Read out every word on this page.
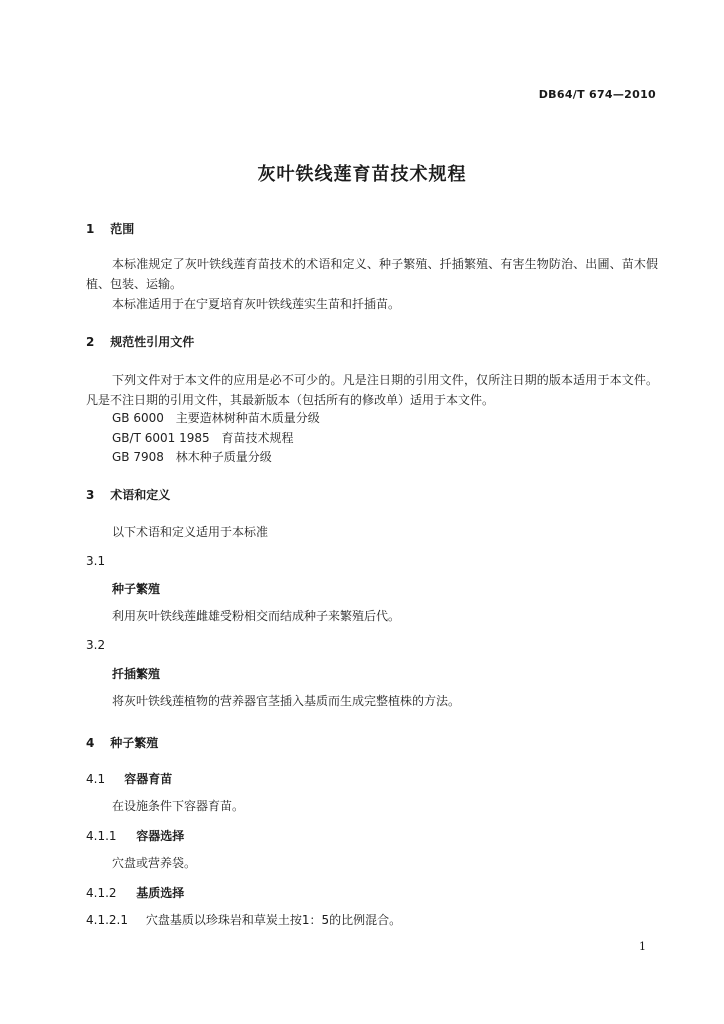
DB64/T 674—2010
灰叶铁线莲育苗技术规程
1 范围
本标准规定了灰叶铁线莲育苗技术的术语和定义、种子繁殖、扦插繁殖、有害生物防治、出圃、苗木假植、包装、运输。
本标准适用于在宁夏培育灰叶铁线莲实生苗和扦插苗。
2 规范性引用文件
下列文件对于本文件的应用是必不可少的。凡是注日期的引用文件，仅所注日期的版本适用于本文件。凡是不注日期的引用文件，其最新版本（包括所有的修改单）适用于本文件。
GB 6000 主要造林树种苗木质量分级
GB/T 6001 1985 育苗技术规程
GB 7908 林木种子质量分级
3 术语和定义
以下术语和定义适用于本标准
3.1
种子繁殖
利用灰叶铁线莲雌雄受粉相交而结成种子来繁殖后代。
3.2
扦插繁殖
将灰叶铁线莲植物的营养器官茎插入基质而生成完整植株的方法。
4 种子繁殖
4.1 容器育苗
在设施条件下容器育苗。
4.1.1 容器选择
穴盘或营养袋。
4.1.2 基质选择
4.1.2.1 穴盘基质以珍珠岩和草炭土按1：5的比例混合。
1
